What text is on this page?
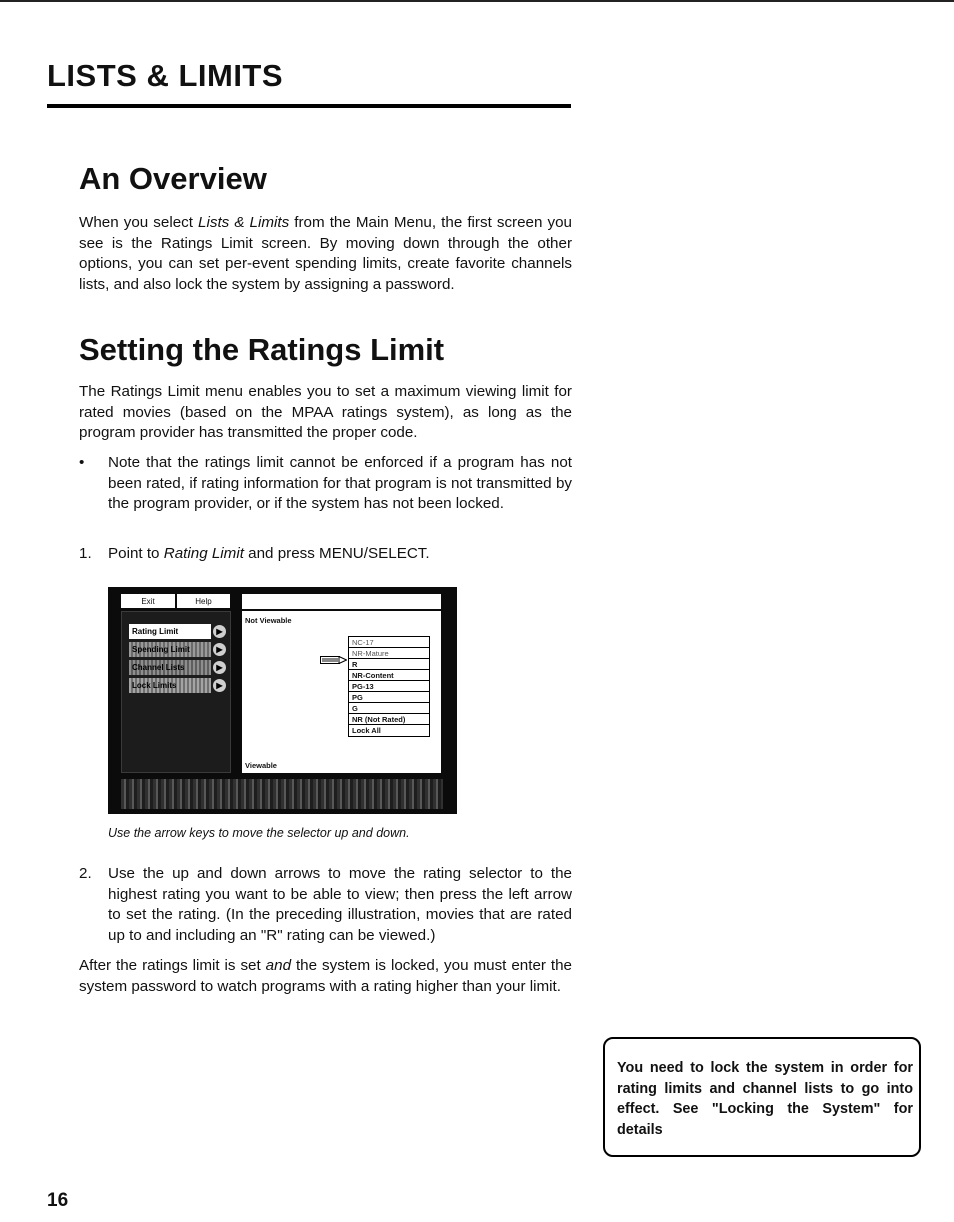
LISTS & LIMITS
An Overview

When you select Lists & Limits from the Main Menu, the first screen you see is the Ratings Limit screen. By moving down through the other options, you can set per-event spending limits, create favorite channels lists, and also lock the system by assigning a password.

Setting the Ratings Limit

The Ratings Limit menu enables you to set a maximum viewing limit for rated movies (based on the MPAA ratings system), as long as the program provider has transmitted the proper code.

•	Note that the ratings limit cannot be enforced if a program has not been rated, if rating information for that program is not transmitted by the program provider, or if the system has not been locked.
1.	Point to Rating Limit and press MENU/SELECT.
Exit	Help
Rating Limit	▶
Spending Limit	▶
Channel Lists	▶
Lock Limits	▶
Not Viewable
NC-17
NR-Mature
R
NR-Content
PG-13
PG
G
NR (Not Rated)
Lock All
Viewable
Use the arrow keys to move the selector up and down.
2.	Use the up and down arrows to move the rating selector to the highest rating you want to be able to view; then press the left arrow to set the rating. (In the preceding illustration, movies that are rated up to and including an "R" rating can be viewed.)

After the ratings limit is set and the system is locked, you must enter the system password to watch programs with a rating higher than your limit.

You need to lock the system in order for rating limits and channel lists to go into effect. See "Locking the System" for details
16
